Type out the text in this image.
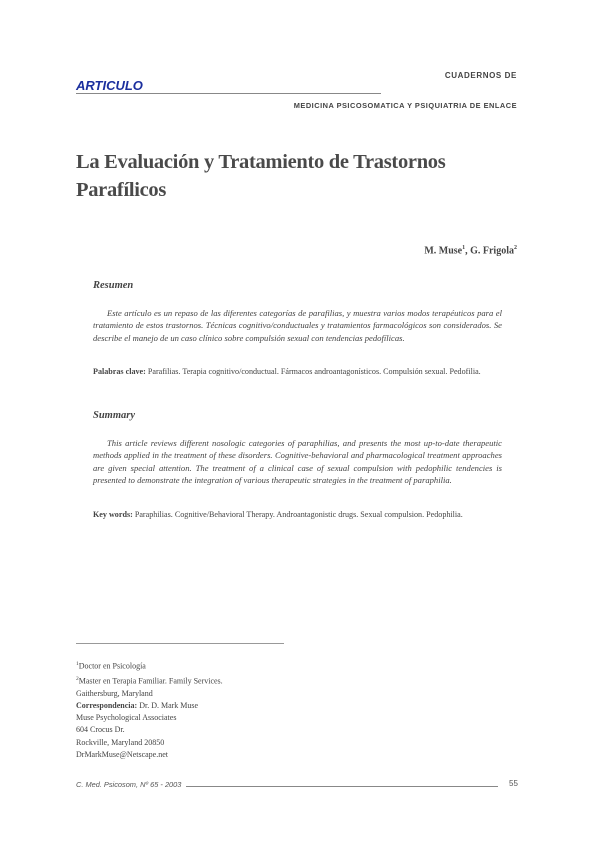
ARTICULO
CUADERNOS DE
MEDICINA PSICOSOMATICA Y PSIQUIATRIA DE ENLACE
La Evaluación y Tratamiento de Trastornos Parafílicos
M. Muse$^1$, G. Frigola$^2$
Resumen
Este artículo es un repaso de las diferentes categorías de parafilias, y muestra varios modos terapéuticos para el tratamiento de estos trastornos. Técnicas cognitivo/conductuales y tratamientos farmacológicos son considerados. Se describe el manejo de un caso clínico sobre compulsión sexual con tendencias pedofílicas.
Palabras clave: Parafilias. Terapia cognitivo/conductual. Fármacos androantagonísticos. Compulsión sexual. Pedofilia.
Summary
This article reviews different nosologic categories of paraphilias, and presents the most up-to-date therapeutic methods applied in the treatment of these disorders. Cognitive-behavioral and pharmacological treatment approaches are given special attention. The treatment of a clinical case of sexual compulsion with pedophilic tendencies is presented to demonstrate the integration of various therapeutic strategies in the treatment of paraphilia.
Key words: Paraphilias. Cognitive/Behavioral Therapy. Androantagonistic drugs. Sexual compulsion. Pedophilia.
$^1$Doctor en Psicología
$^2$Master en Terapia Familiar. Family Services.
Gaithersburg, Maryland
Correspondencia: Dr. D. Mark Muse
Muse Psychological Associates
604 Crocus Dr.
Rockville, Maryland 20850
DrMarkMuse@Netscape.net
C. Med. Psicosom, Nº 65 - 2003	55
